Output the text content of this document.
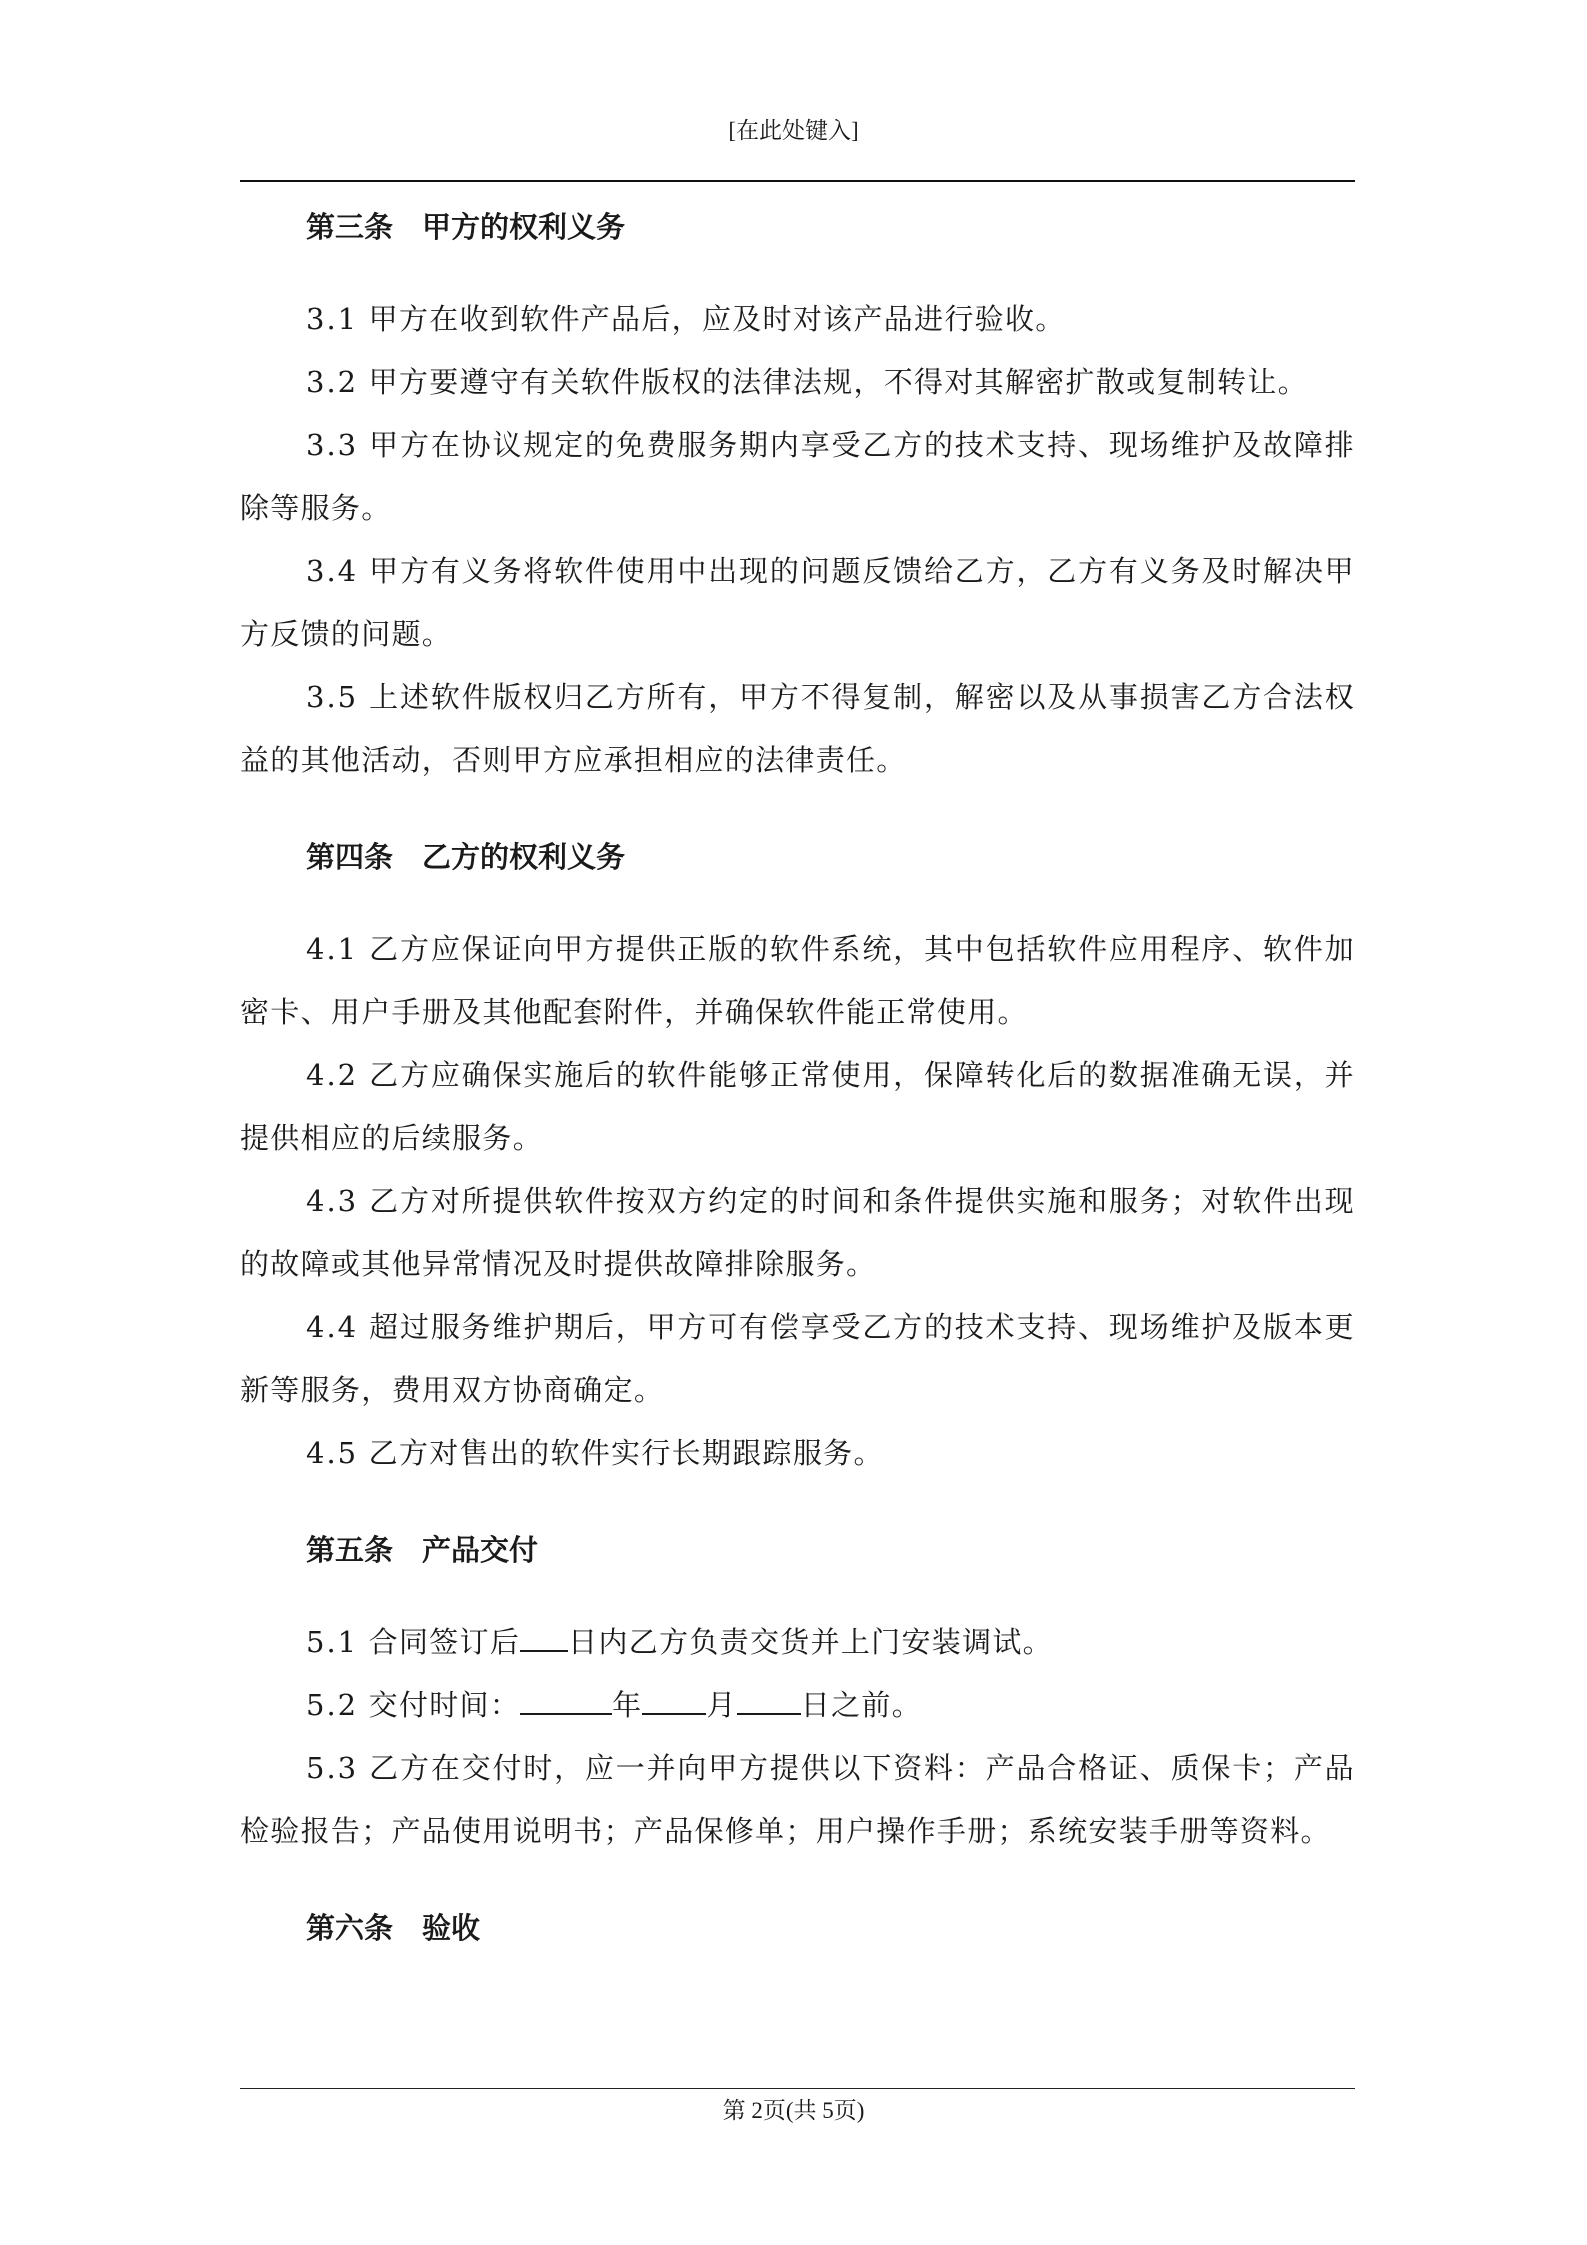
[在此处键入]
第三条　甲方的权利义务

3.1 甲方在收到软件产品后，应及时对该产品进行验收。

3.2 甲方要遵守有关软件版权的法律法规，不得对其解密扩散或复制转让。

3.3 甲方在协议规定的免费服务期内享受乙方的技术支持、现场维护及故障排除等服务。

3.4 甲方有义务将软件使用中出现的问题反馈给乙方，乙方有义务及时解决甲方反馈的问题。

3.5 上述软件版权归乙方所有，甲方不得复制，解密以及从事损害乙方合法权益的其他活动，否则甲方应承担相应的法律责任。

第四条　乙方的权利义务

4.1 乙方应保证向甲方提供正版的软件系统，其中包括软件应用程序、软件加密卡、用户手册及其他配套附件，并确保软件能正常使用。

4.2 乙方应确保实施后的软件能够正常使用，保障转化后的数据准确无误，并提供相应的后续服务。

4.3 乙方对所提供软件按双方约定的时间和条件提供实施和服务；对软件出现的故障或其他异常情况及时提供故障排除服务。

4.4 超过服务维护期后，甲方可有偿享受乙方的技术支持、现场维护及版本更新等服务，费用双方协商确定。

4.5 乙方对售出的软件实行长期跟踪服务。

第五条　产品交付

5.1 合同签订后 日内乙方负责交货并上门安装调试。

5.2 交付时间：	年 月 日之前。

5.3 乙方在交付时，应一并向甲方提供以下资料：产品合格证、质保卡；产品检验报告；产品使用说明书；产品保修单；用户操作手册；系统安装手册等资料。

第六条　验收
第 2页(共 5页)
